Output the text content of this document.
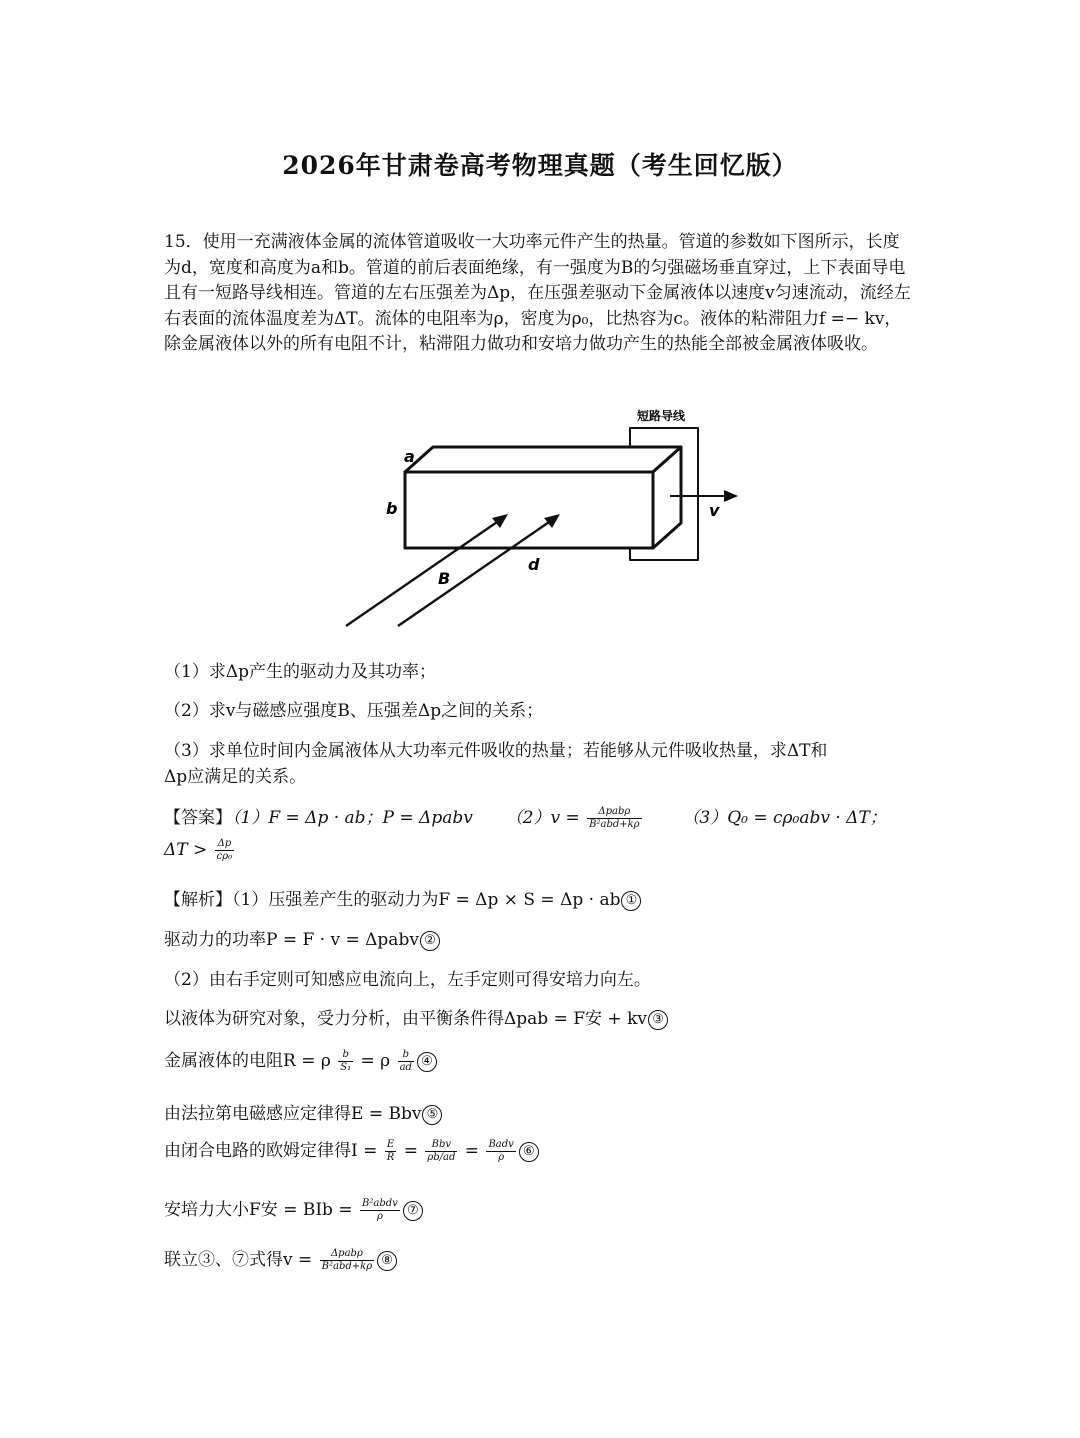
2026年甘肃卷高考物理真题（考生回忆版）
15．使用一充满液体金属的流体管道吸收一大功率元件产生的热量。管道的参数如下图所示，长度为d，宽度和高度为a和b。管道的前后表面绝缘，有一强度为B的匀强磁场垂直穿过，上下表面导电且有一短路导线相连。管道的左右压强差为Δp，在压强差驱动下金属液体以速度v匀速流动，流经左右表面的流体温度差为ΔT。流体的电阻率为ρ，密度为ρ₀，比热容为c。液体的粘滞阻力f =− kv，除金属液体以外的所有电阻不计，粘滞阻力做功和安培力做功产生的热能全部被金属液体吸收。
短路导线
a
b
B
d
v
（1）求Δp产生的驱动力及其功率；
（2）求v与磁感应强度B、压强差Δp之间的关系；
（3）求单位时间内金属液体从大功率元件吸收的热量；若能够从元件吸收热量，求ΔT和
Δp应满足的关系。
【答案】（1）F = Δp · ab；P = Δpabv $(2)v = \frac{\text{Δpabρ}}{\text{B²abd+kρ}} (3)Q_0 = c\rho_0abv \cdot \Delta T$；
$\Delta T > \frac{\Delta p}{\text{cρ₀}}$
【解析】（1）压强差产生的驱动力为F = Δp × S = Δp · ab ①
驱动力的功率P = F · v = Δpabv ②
（2）由右手定则可知感应电流向上，左手定则可得安培力向左。
以液体为研究对象，受力分析，由平衡条件得Δpab = F安 + kv ③
金属液体的电阻R = ρ $\frac{b}{\text{S₁}} = \rho \frac{b}{ad}$ ④
由法拉第电磁感应定律得E = Bbv ⑤
由闭合电路的欧姆定律得$I = \frac{E}{R} = \frac{\text{Bbv}}{\rho b/ad} = \frac{\text{Badv}}{\rho}$ ⑥
安培力大小F安 = BIb = $\frac{\text{B²abdv}}{\rho}$ ⑦
联立③、⑦式得$v = \frac{\text{Δpabρ}}{\text{B²abd+kρ}}$ ⑧
